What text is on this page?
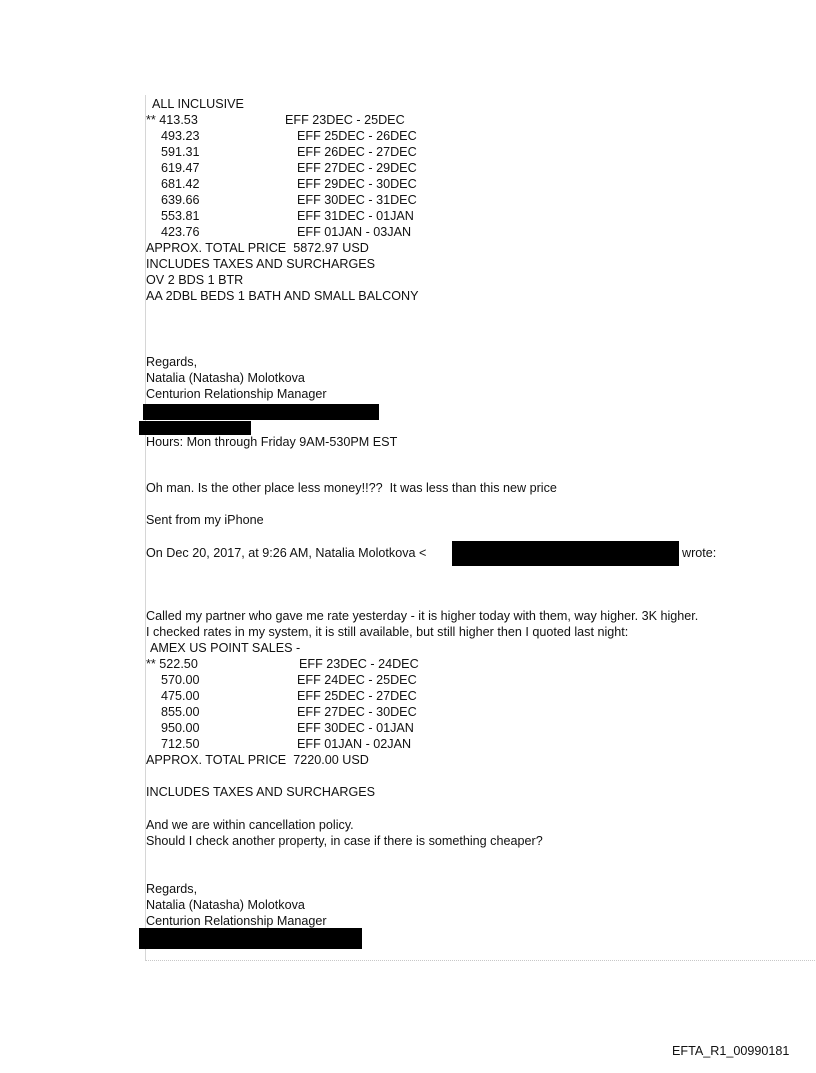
ALL INCLUSIVE
** 413.53	EFF 23DEC - 25DEC
493.23	EFF 25DEC - 26DEC
591.31	EFF 26DEC - 27DEC
619.47	EFF 27DEC - 29DEC
681.42	EFF 29DEC - 30DEC
639.66	EFF 30DEC - 31DEC
553.81	EFF 31DEC - 01JAN
423.76	EFF 01JAN - 03JAN
APPROX. TOTAL PRICE  5872.97 USD
INCLUDES TAXES AND SURCHARGES
OV 2 BDS 1 BTR
AA 2DBL BEDS 1 BATH AND SMALL BALCONY
Regards,
Natalia (Natasha) Molotkova
Centurion Relationship Manager
Hours: Mon through Friday 9AM-530PM EST
Oh man. Is the other place less money!!??  It was less than this new price
Sent from my iPhone
On Dec 20, 2017, at 9:26 AM, Natalia Molotkova <	wrote:
Called my partner who gave me rate yesterday - it is higher today with them, way higher. 3K higher.
I checked rates in my system, it is still available, but still higher then I quoted last night:
AMEX US POINT SALES -
** 522.50	EFF 23DEC - 24DEC
570.00	EFF 24DEC - 25DEC
475.00	EFF 25DEC - 27DEC
855.00	EFF 27DEC - 30DEC
950.00	EFF 30DEC - 01JAN
712.50	EFF 01JAN - 02JAN
APPROX. TOTAL PRICE  7220.00 USD
INCLUDES TAXES AND SURCHARGES
And we are within cancellation policy.
Should I check another property, in case if there is something cheaper?
Regards,
Natalia (Natasha) Molotkova
Centurion Relationship Manager
EFTA_R1_00990181
